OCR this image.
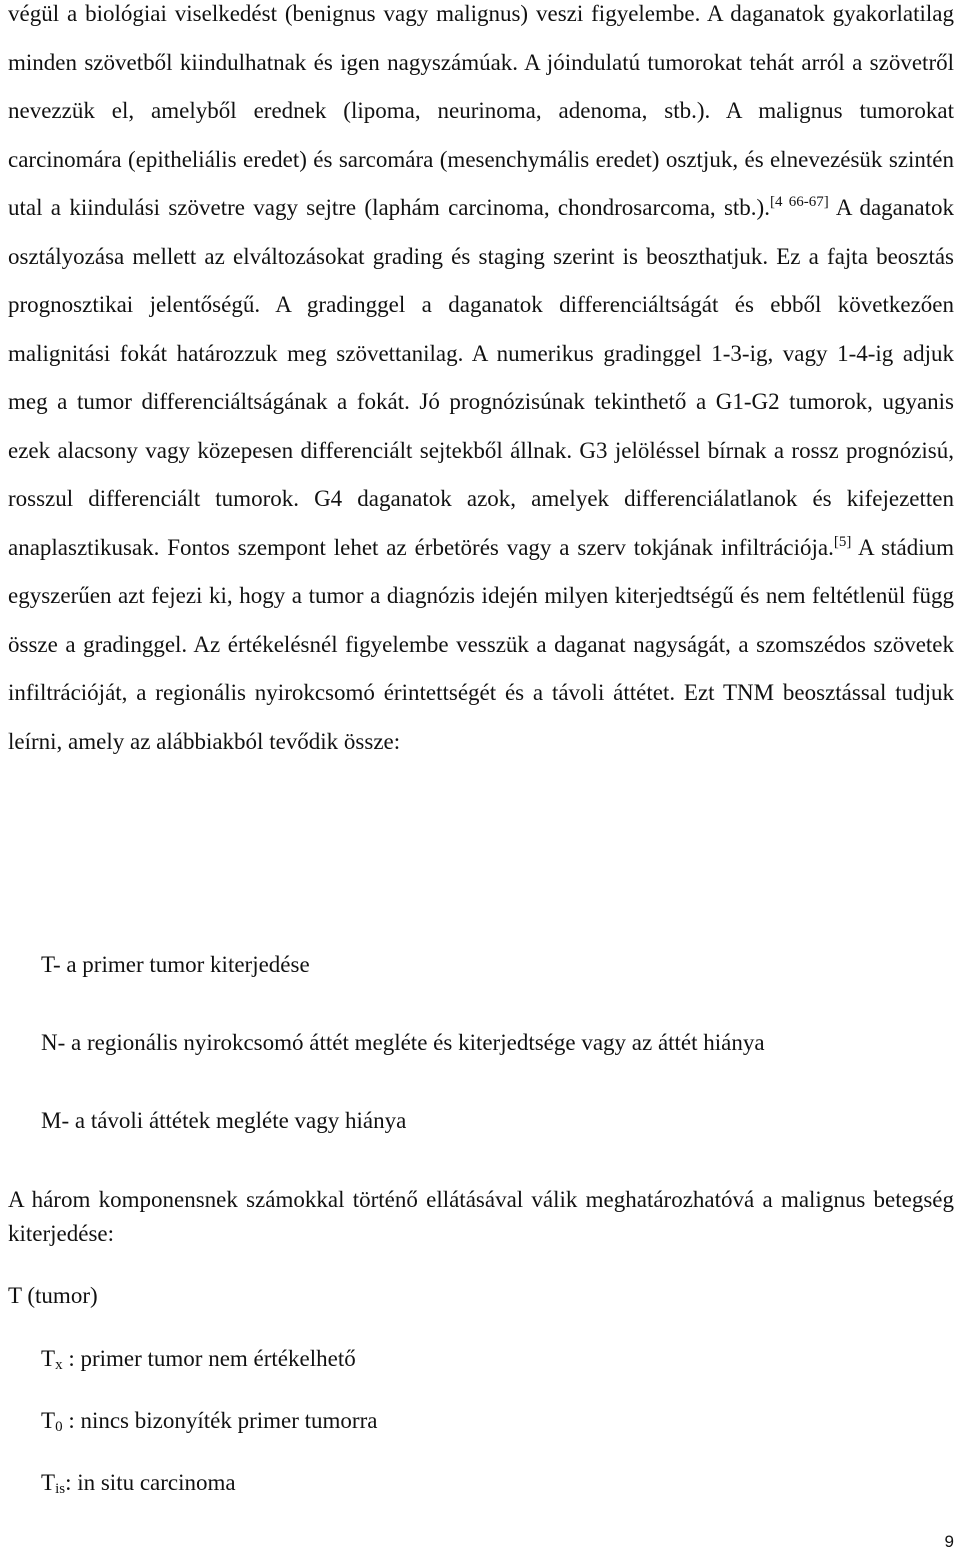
végül a biológiai viselkedést (benignus vagy malignus) veszi figyelembe. A daganatok gyakorlatilag minden szövetből kiindulhatnak és igen nagyszámúak. A jóindulatú tumorokat tehát arról a szövetről nevezzük el, amelyből erednek (lipoma, neurinoma, adenoma, stb.). A malignus tumorokat carcinomára (epitheliális eredet) és sarcomára (mesenchymális eredet) osztjuk, és elnevezésük szintén utal a kiindulási szövetre vagy sejtre (laphám carcinoma, chondrosarcoma, stb.).[4 66-67] A daganatok osztályozása mellett az elváltozásokat grading és staging szerint is beoszthatjuk. Ez a fajta beosztás prognosztikai jelentőségű. A gradinggel a daganatok differenciáltságát és ebből következően malignitási fokát határozzuk meg szövettanilag. A numerikus gradinggel 1-3-ig, vagy 1-4-ig adjuk meg a tumor differenciáltságának a fokát. Jó prognózisúnak tekinthető a G1-G2 tumorok, ugyanis ezek alacsony vagy közepesen differenciált sejtekből állnak. G3 jelöléssel bírnak a rossz prognózisú, rosszul differenciált tumorok. G4 daganatok azok, amelyek differenciálatlanok és kifejezetten anaplasztikusak. Fontos szempont lehet az érbetörés vagy a szerv tokjának infiltrációja.[5] A stádium egyszerűen azt fejezi ki, hogy a tumor a diagnózis idején milyen kiterjedtségű és nem feltétlenül függ össze a gradinggel. Az értékelésnél figyelembe vesszük a daganat nagyságát, a szomszédos szövetek infiltrációját, a regionális nyirokcsomó érintettségét és a távoli áttétet. Ezt TNM beosztással tudjuk leírni, amely az alábbiakból tevődik össze:

T- a primer tumor kiterjedése

N- a regionális nyirokcsomó áttét megléte és kiterjedtsége vagy az áttét hiánya

M- a távoli áttétek megléte vagy hiánya

A három komponensnek számokkal történő ellátásával válik meghatározhatóvá a malignus betegség kiterjedése:

T (tumor)

$T_x$ : primer tumor nem értékelhető

$T_0$ : nincs bizonyíték primer tumorra

$T_{is}$: in situ carcinoma

9
